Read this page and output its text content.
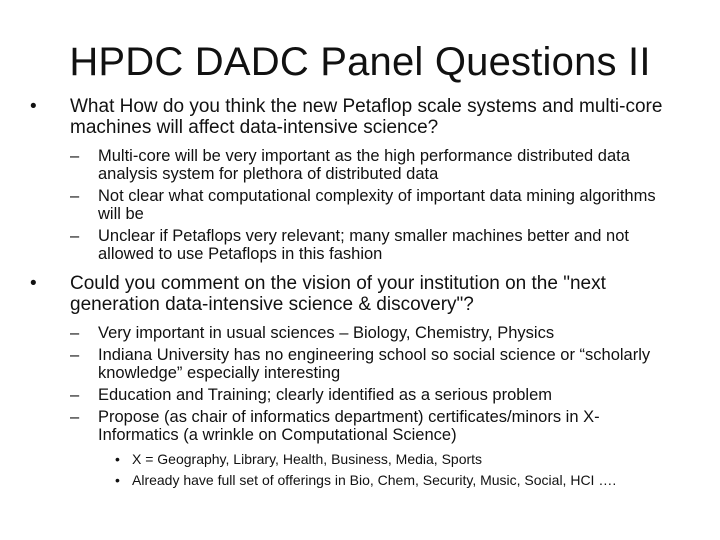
HPDC DADC Panel Questions II
•	What How do you think the new Petaflop scale systems and multi-core machines will affect data-intensive science?
– Multi-core will be very important as the high performance distributed data analysis system for plethora of distributed data
– Not clear what computational complexity of important data mining algorithms will be
– Unclear if Petaflops very relevant; many smaller machines better and not allowed to use Petaflops in this fashion
•	Could you comment on the vision of your institution on the "next generation data-intensive science & discovery"?
– Very important in usual sciences – Biology, Chemistry, Physics
– Indiana University has no engineering school so social science or “scholarly knowledge” especially interesting
– Education and Training; clearly identified as a serious problem
– Propose (as chair of informatics department) certificates/minors in X-Informatics (a wrinkle on Computational Science)
• X = Geography, Library, Health, Business, Media, Sports
• Already have full set of offerings in Bio, Chem, Security, Music, Social, HCI ….
